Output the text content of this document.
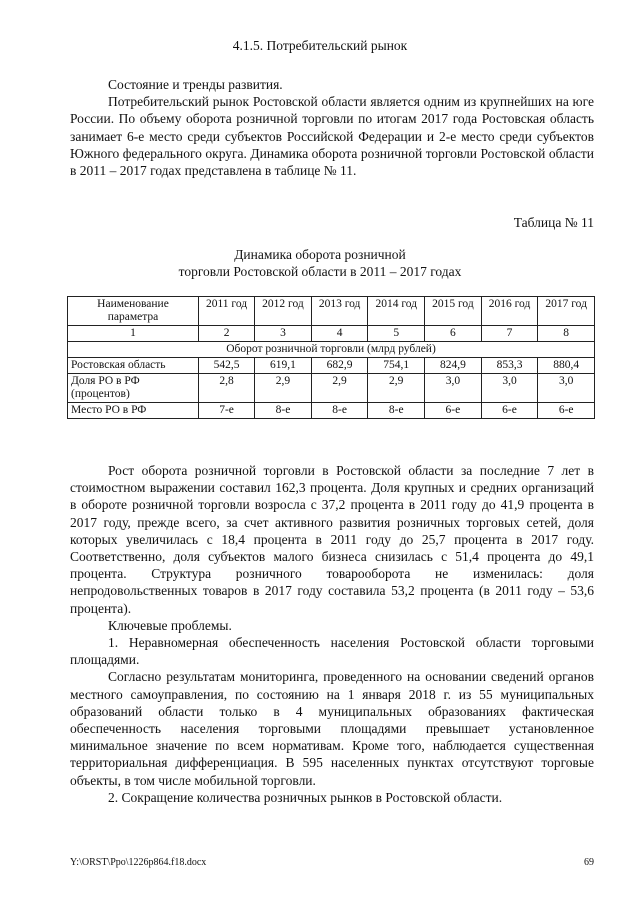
4.1.5. Потребительский рынок

Состояние и тренды развития.

Потребительский рынок Ростовской области является одним из крупнейших на юге России. По объему оборота розничной торговли по итогам 2017 года Ростовская область занимает 6-е место среди субъектов Российской Федерации и 2-е место среди субъектов Южного федерального округа. Динамика оборота розничной торговли Ростовской области в 2011 – 2017 годах представлена в таблице № 11.

Таблица № 11
Динамика оборота розничной
торговли Ростовской области в 2011 – 2017 годах
Наименование параметра	2011 год	2012 год	2013 год	2014 год	2015 год	2016 год	2017 год
1	2	3	4	5	6	7	8
Оборот розничной торговли (млрд рублей)							
Ростовская область	542,5	619,1	682,9	754,1	824,9	853,3	880,4
Доля РО в РФ (процентов)	2,8	2,9	2,9	2,9	3,0	3,0	3,0
Место РО в РФ	7-е	8-е	8-е	8-е	6-е	6-е	6-е

Рост оборота розничной торговли в Ростовской области за последние 7 лет в стоимостном выражении составил 162,3 процента. Доля крупных и средних организаций в обороте розничной торговли возросла с 37,2 процента в 2011 году до 41,9 процента в 2017 году, прежде всего, за счет активного развития розничных торговых сетей, доля которых увеличилась с 18,4 процента в 2011 году до 25,7 процента в 2017 году. Соответственно, доля субъектов малого бизнеса снизилась с 51,4 процента до 49,1 процента. Структура розничного товарооборота не изменилась: доля непродовольственных товаров в 2017 году составила 53,2 процента (в 2011 году – 53,6 процента).

Ключевые проблемы.

1. Неравномерная обеспеченность населения Ростовской области торговыми площадями.

Согласно результатам мониторинга, проведенного на основании сведений органов местного самоуправления, по состоянию на 1 января 2018 г. из 55 муниципальных образований области только в 4 муниципальных образованиях фактическая обеспеченность населения торговыми площадями превышает установленное минимальное значение по всем нормативам. Кроме того, наблюдается существенная территориальная дифференциация. В 595 населенных пунктах отсутствуют торговые объекты, в том числе мобильной торговли.

2. Сокращение количества розничных рынков в Ростовской области.

Y:\ORST\Ppo\1226p864.f18.docx	69
